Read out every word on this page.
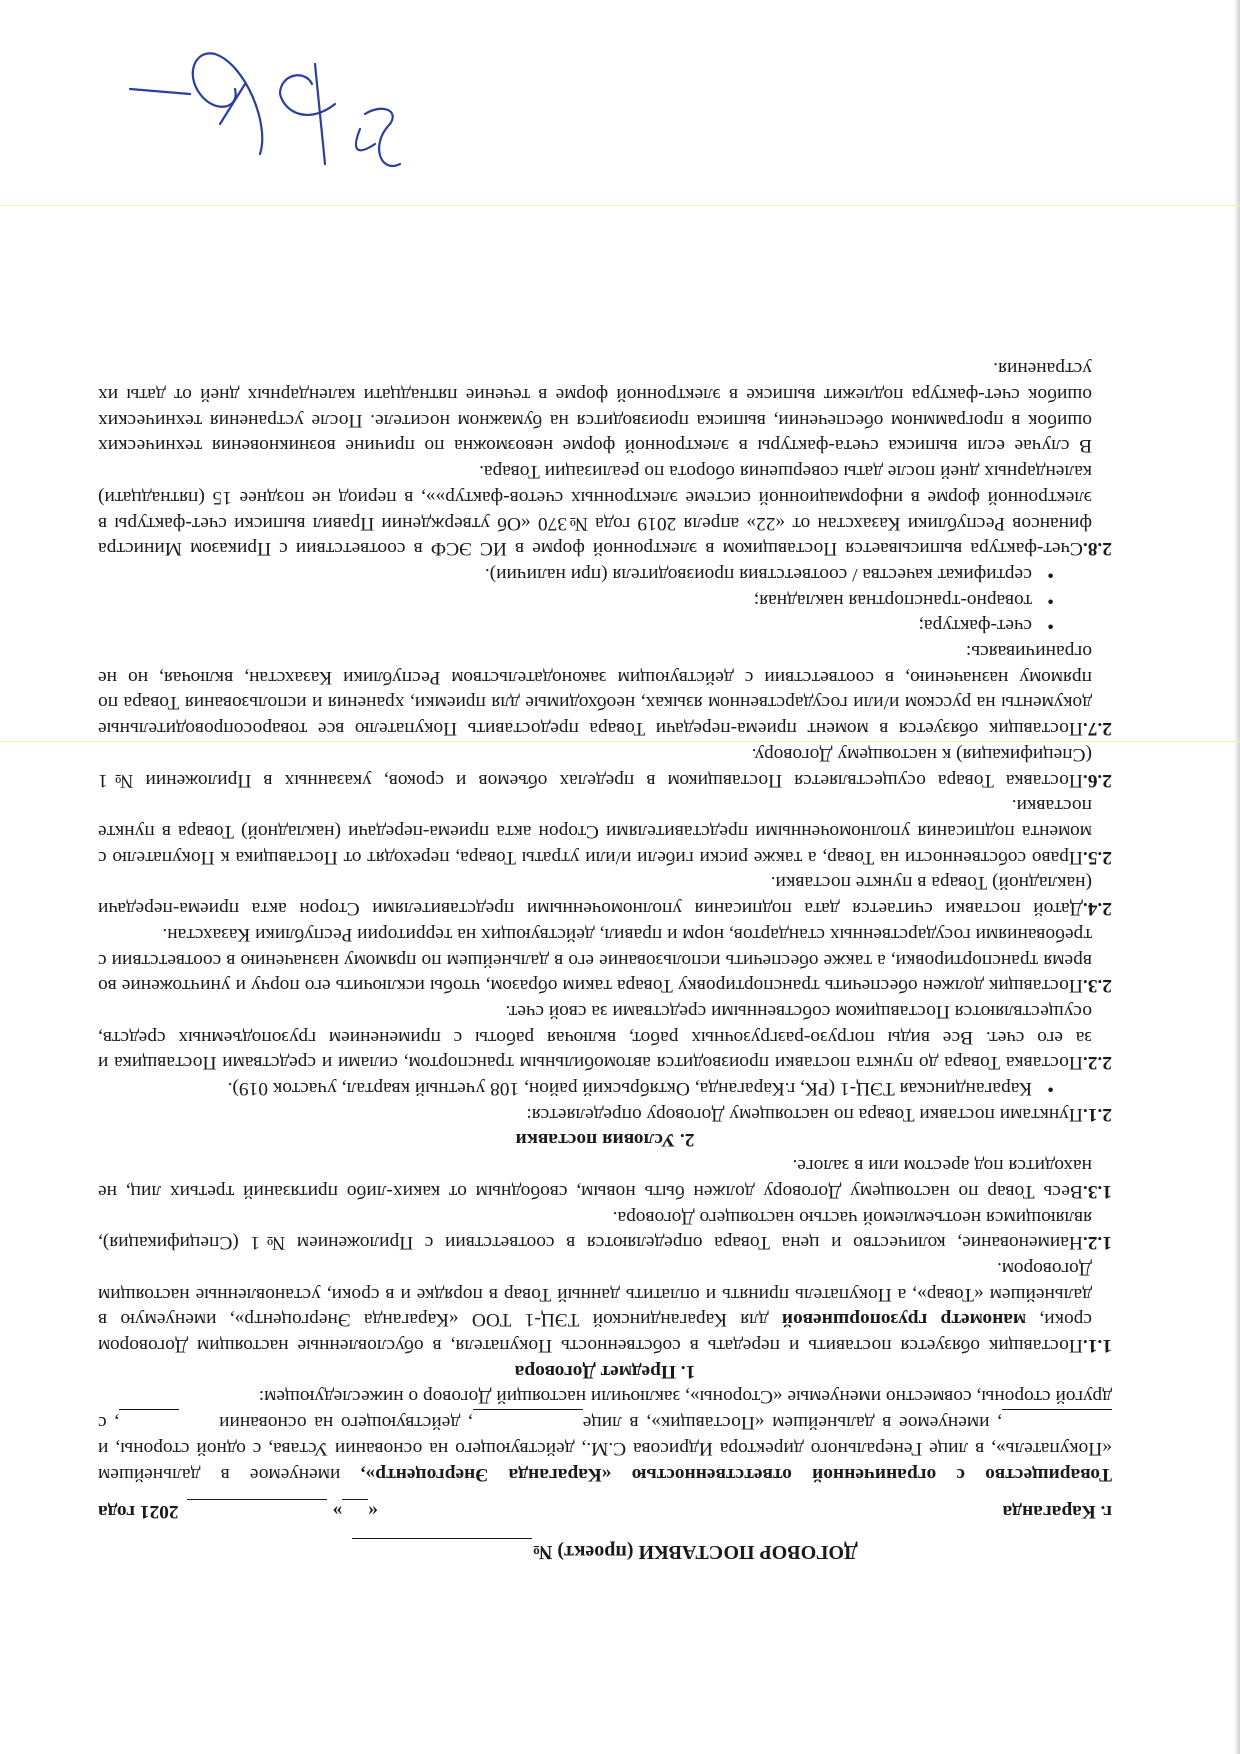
ДОГОВОР ПОСТАВКИ (проект) №

г. Караганда
«»2021 года

Товарищество с ограниченной ответственностью «Караганда Энергоцентр», именуемое в дальнейшем «Покупатель», в лице Генерального директора Идрисова С.М., действующего на основании Устава, с одной стороны, и, именуемое в дальнейшем «Поставщик», в лице, действующего на основании, с другой стороны, совместно именуемые «Стороны», заключили настоящий Договор о нижеследующем:

1. Предмет Договора

1.1.Поставщик обязуется поставить и передать в собственность Покупателя, в обусловленные настоящим Договором сроки, манометр грузопоршневой для Карагандинской ТЭЦ-1 ТОО «Караганда Энергоцентр», именуемую в дальнейшем «Товар», а Покупатель принять и оплатить данный Товар в порядке и в сроки, установленные настоящим Договором.

1.2.Наименование, количество и цена Товара определяются в соответствии с Приложением №1 (Спецификация), являющимся неотъемлемой частью настоящего Договора.

1.3.Весь Товар по настоящему Договору должен быть новым, свободным от каких-либо притязаний третьих лиц, не находится под арестом или в залоге.

2. Условия поставки

2.1.Пунктами поставки Товара по настоящему Договору определяется:

•Карагандинская ТЭЦ-1 (РК, г.Караганда, Октябрьский район, 108 учетный квартал, участок 019).

2.2.Поставка Товара до пункта поставки производится автомобильным транспортом, силами и средствами Поставщика и за его счет. Все виды погрузо-разгрузочных работ, включая работы с применением грузоподъемных средств, осуществляются Поставщиком собственными средствами за свой счет.

2.3.Поставщик должен обеспечить транспортировку Товара таким образом, чтобы исключить его порчу и уничтожение во время транспортировки, а также обеспечить использование его в дальнейшем по прямому назначению в соответствии с требованиями государственных стандартов, норм и правил, действующих на территории Республики Казахстан.

2.4.Датой поставки считается дата подписания уполномоченными представителями Сторон акта приема-передачи (накладной) Товара в пункте поставки.

2.5.Право собственности на Товар, а также риски гибели и/или утраты Товара, переходят от Поставщика к Покупателю с момента подписания уполномоченными представителями Сторон акта приема-передачи (накладной) Товара в пункте поставки.

2.6.Поставка Товара осуществляется Поставщиком в пределах объемов и сроков, указанных в Приложении №1 (Спецификация) к настоящему Договору.

2.7.Поставщик обязуется в момент приема-передачи Товара предоставить Покупателю все товаросопроводительные документы на русском и/или государственном языках, необходимые для приемки, хранения и использования Товара по прямому назначению, в соответствии с действующим законодательством Республики Казахстан, включая, но не ограничиваясь:

•счет-фактура;

•товарно-транспортная накладная;

•сертификат качества / соответствия производителя (при наличии).

2.8.Счет-фактура выписывается Поставщиком в электронной форме в ИС ЭСФ в соответствии с Приказом Министра финансов Республики Казахстан от «22» апреля 2019 года №370 «Об утверждении Правил выписки счет-фактуры в электронной форме в информационной системе электронных счетов-фактур»», в период не позднее 15 (пятнадцати) календарных дней после даты совершения оборота по реализации Товара.

В случае если выписка счета-фактуры в электронной форме невозможна по причине возникновения технических ошибок в программном обеспечении, выписка производится на бумажном носителе. После устранения технических ошибок счет-фактура подлежит выписке в электронной форме в течение пятнадцати календарных дней от даты их устранения.
